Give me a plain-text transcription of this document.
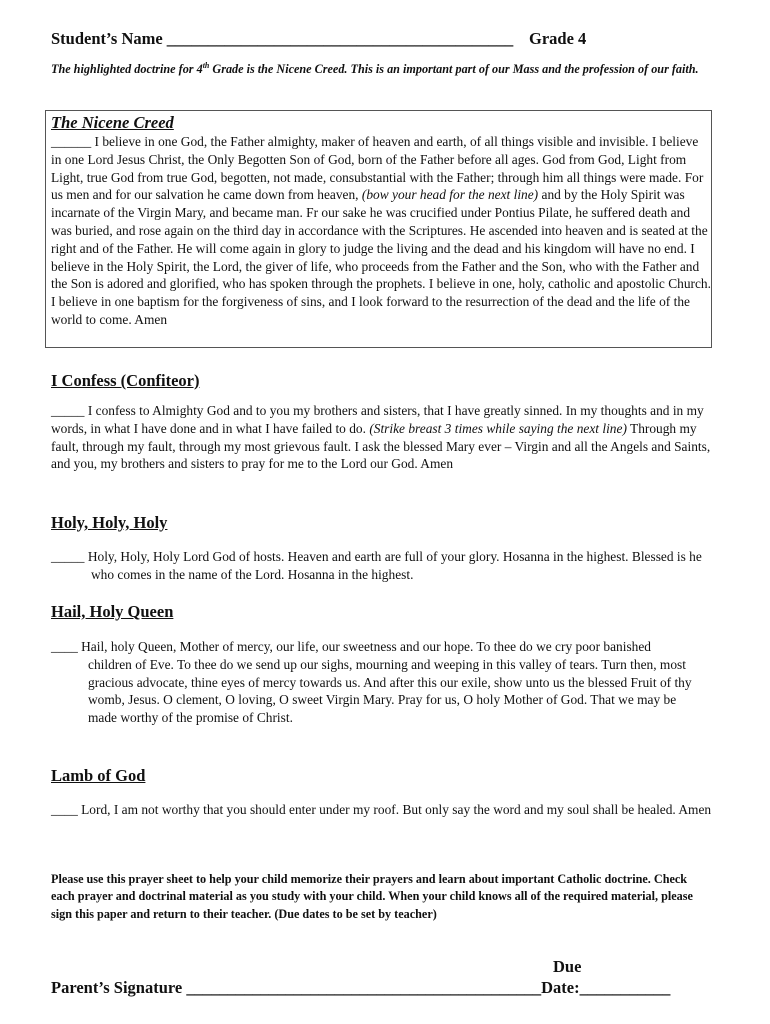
Student’s Name __________________________________________ Grade 4
The highlighted doctrine for 4th Grade is the Nicene Creed. This is an important part of our Mass and the profession of our faith.
The Nicene Creed
______ I believe in one God, the Father almighty, maker of heaven and earth, of all things visible and invisible. I believe in one Lord Jesus Christ, the Only Begotten Son of God, born of the Father before all ages. God from God, Light from Light, true God from true God, begotten, not made, consubstantial with the Father; through him all things were made. For us men and for our salvation he came down from heaven, (bow your head for the next line) and by the Holy Spirit was incarnate of the Virgin Mary, and became man. Fr our sake he was crucified under Pontius Pilate, he suffered death and was buried, and rose again on the third day in accordance with the Scriptures. He ascended into heaven and is seated at the right and of the Father. He will come again in glory to judge the living and the dead and his kingdom will have no end. I believe in the Holy Spirit, the Lord, the giver of life, who proceeds from the Father and the Son, who with the Father and the Son is adored and glorified, who has spoken through the prophets. I believe in one, holy, catholic and apostolic Church. I believe in one baptism for the forgiveness of sins, and I look forward to the resurrection of the dead and the life of the world to come. Amen
I Confess (Confiteor)
_____ I confess to Almighty God and to you my brothers and sisters, that I have greatly sinned. In my thoughts and in my words, in what I have done and in what I have failed to do. (Strike breast 3 times while saying the next line) Through my fault, through my fault, through my most grievous fault. I ask the blessed Mary ever – Virgin and all the Angels and Saints, and you, my brothers and sisters to pray for me to the Lord our God. Amen
Holy, Holy, Holy
_____ Holy, Holy, Holy Lord God of hosts. Heaven and earth are full of your glory. Hosanna in the highest. Blessed is he who comes in the name of the Lord. Hosanna in the highest.
Hail, Holy Queen
____ Hail, holy Queen, Mother of mercy, our life, our sweetness and our hope. To thee do we cry poor banished children of Eve. To thee do we send up our sighs, mourning and weeping in this valley of tears. Turn then, most gracious advocate, thine eyes of mercy towards us. And after this our exile, show unto us the blessed Fruit of thy womb, Jesus. O clement, O loving, O sweet Virgin Mary. Pray for us, O holy Mother of God. That we may be made worthy of the promise of Christ.
Lamb of God
____ Lord, I am not worthy that you should enter under my roof. But only say the word and my soul shall be healed. Amen
Please use this prayer sheet to help your child memorize their prayers and learn about important Catholic doctrine. Check each prayer and doctrinal material as you study with your child. When your child knows all of the required material, please sign this paper and return to their teacher. (Due dates to be set by teacher)
Due
Parent’s Signature ___________________________________________Date:___________
